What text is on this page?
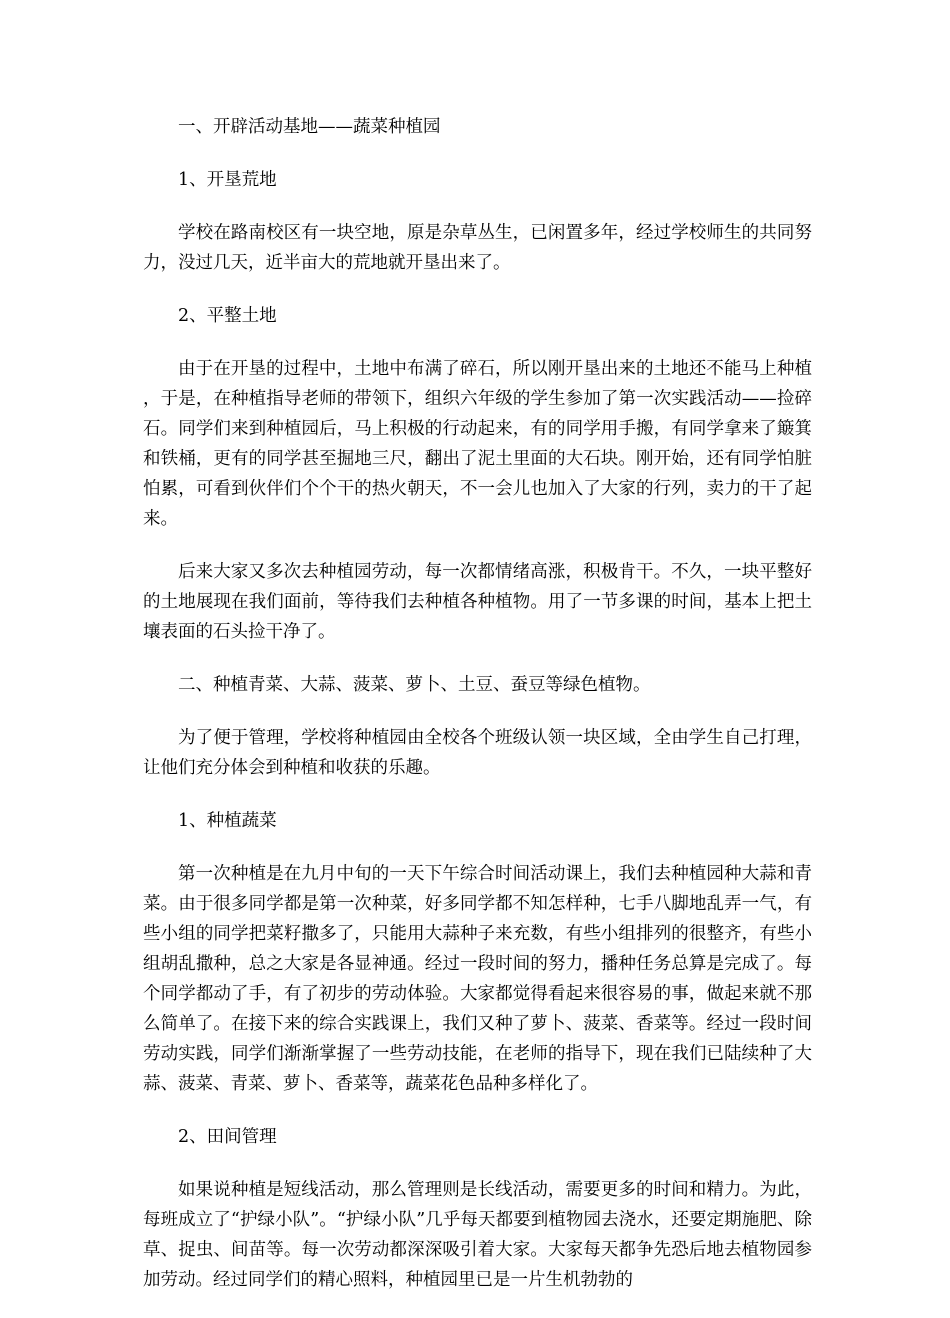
一、开辟活动基地——蔬菜种植园

1、开垦荒地

学校在路南校区有一块空地，原是杂草丛生，已闲置多年，经过学校师生的共同努力，没过几天，近半亩大的荒地就开垦出来了。

2、平整土地

由于在开垦的过程中，土地中布满了碎石，所以刚开垦出来的土地还不能马上种植，于是，在种植指导老师的带领下，组织六年级的学生参加了第一次实践活动——捡碎石。同学们来到种植园后，马上积极的行动起来，有的同学用手搬，有同学拿来了簸箕和铁桶，更有的同学甚至掘地三尺，翻出了泥土里面的大石块。刚开始，还有同学怕脏怕累，可看到伙伴们个个干的热火朝天，不一会儿也加入了大家的行列，卖力的干了起来。

后来大家又多次去种植园劳动，每一次都情绪高涨，积极肯干。不久，一块平整好的土地展现在我们面前，等待我们去种植各种植物。用了一节多课的时间，基本上把土壤表面的石头捡干净了。

二、种植青菜、大蒜、菠菜、萝卜、土豆、蚕豆等绿色植物。

为了便于管理，学校将种植园由全校各个班级认领一块区域，全由学生自己打理，让他们充分体会到种植和收获的乐趣。

1、种植蔬菜

第一次种植是在九月中旬的一天下午综合时间活动课上，我们去种植园种大蒜和青菜。由于很多同学都是第一次种菜，好多同学都不知怎样种，七手八脚地乱弄一气，有些小组的同学把菜籽撒多了，只能用大蒜种子来充数，有些小组排列的很整齐，有些小组胡乱撒种，总之大家是各显神通。经过一段时间的努力，播种任务总算是完成了。每个同学都动了手，有了初步的劳动体验。大家都觉得看起来很容易的事，做起来就不那么简单了。在接下来的综合实践课上，我们又种了萝卜、菠菜、香菜等。经过一段时间劳动实践，同学们渐渐掌握了一些劳动技能，在老师的指导下，现在我们已陆续种了大蒜、菠菜、青菜、萝卜、香菜等，蔬菜花色品种多样化了。

2、田间管理

如果说种植是短线活动，那么管理则是长线活动，需要更多的时间和精力。为此，每班成立了“护绿小队”。“护绿小队”几乎每天都要到植物园去浇水，还要定期施肥、除草、捉虫、间苗等。每一次劳动都深深吸引着大家。大家每天都争先恐后地去植物园参加劳动。经过同学们的精心照料，种植园里已是一片生机勃勃的
